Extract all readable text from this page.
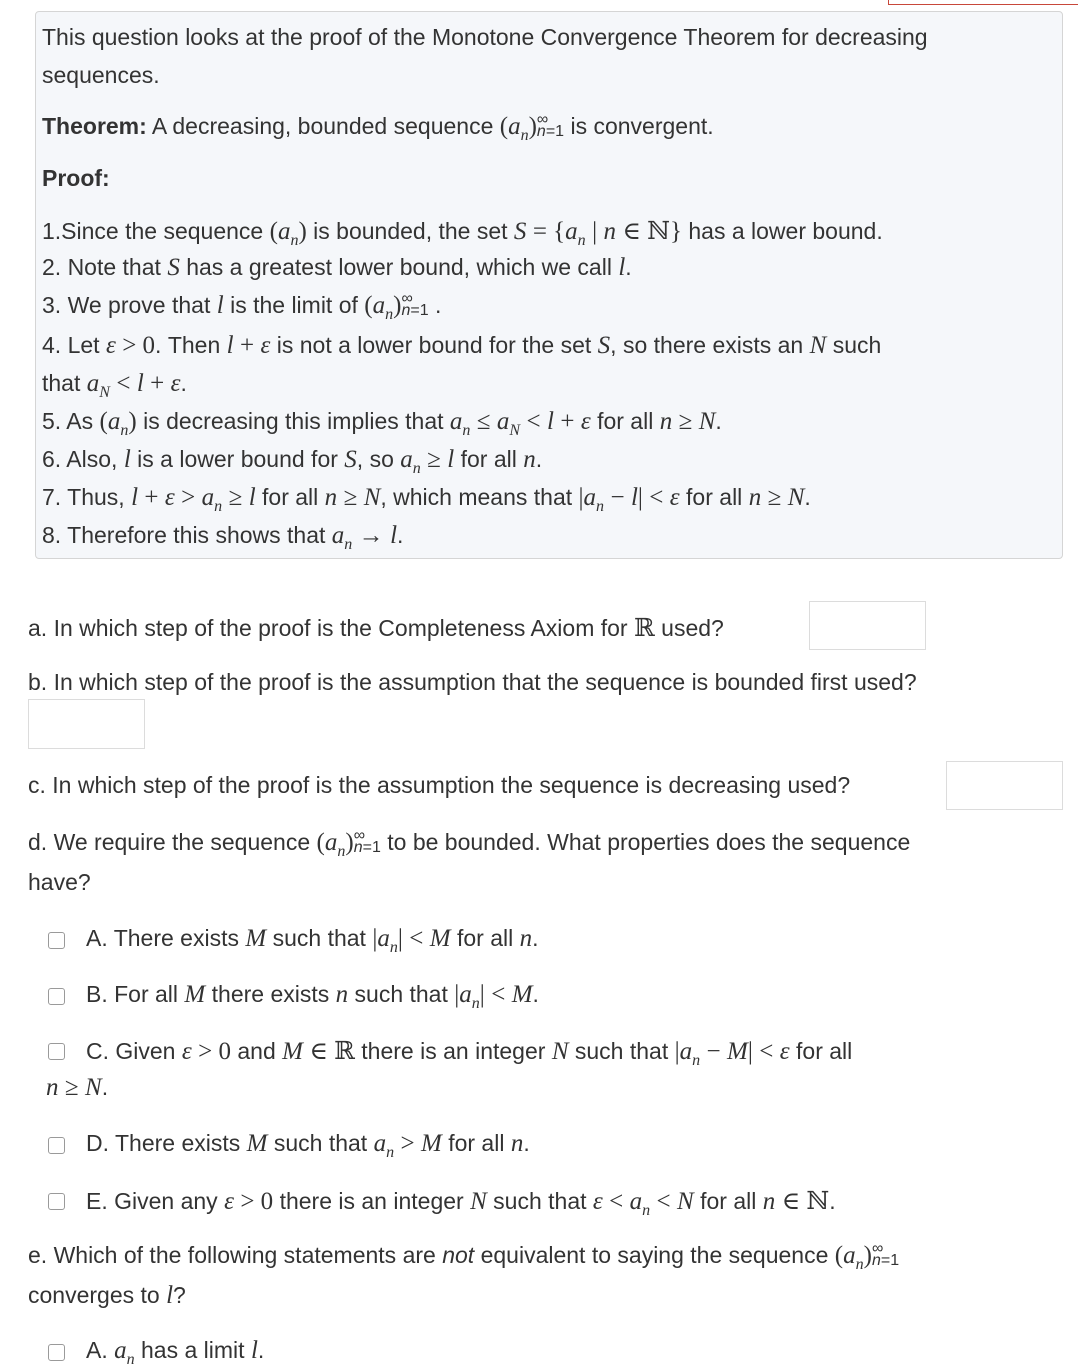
This question looks at the proof of the Monotone Convergence Theorem for decreasing
sequences.
Theorem: A decreasing, bounded sequence $(a_n)$ ∞
n=1 is convergent.
Proof:
1.Since the sequence $(a_n)$ is bounded, the set $S = \{a_n$ | n ∈ ℕ} has a lower bound.
2. Note that S has a greatest lower bound, which we call l.
3. We prove that l is the limit of $(a_n)$ ∞
n=1 .
4. Let ε > 0. Then l + ε is not a lower bound for the set S, so there exists an N such
that $a_N < l + \varepsilon$.
5. As $(a_n)$ is decreasing this implies that $a_n \le a_N < l + \varepsilon$ for all n ≥ N.
6. Also, l is a lower bound for S, so $a_n \ge l$ for all n.
7. Thus, $l + \varepsilon > a_n \ge l$ for all n ≥ N, which means that $|a_n - l| < \varepsilon$ for all n ≥ N.
8. Therefore this shows that $a_n \to l$.
a. In which step of the proof is the Completeness Axiom for ℝ used?
b. In which step of the proof is the assumption that the sequence is bounded first used?
c. In which step of the proof is the assumption the sequence is decreasing used?
d. We require the sequence $(a_n)$ ∞
n=1 to be bounded. What properties does the sequence
have?
A. There exists M such that $|a_n| < M$ for all n.
B. For all M there exists n such that $|a_n| < M$.
C. Given ε > 0 and M ∈ ℝ there is an integer N such that $|a_n - M| < \varepsilon$ for all
n ≥ N.
D. There exists M such that $a_n > M$ for all n.
E. Given any ε > 0 there is an integer N such that $\varepsilon < a_n < N$ for all n ∈ ℕ.
e. Which of the following statements are not equivalent to saying the sequence $(a_n)$ ∞
n=1
converges to l?
A. $a_n$ has a limit l.
